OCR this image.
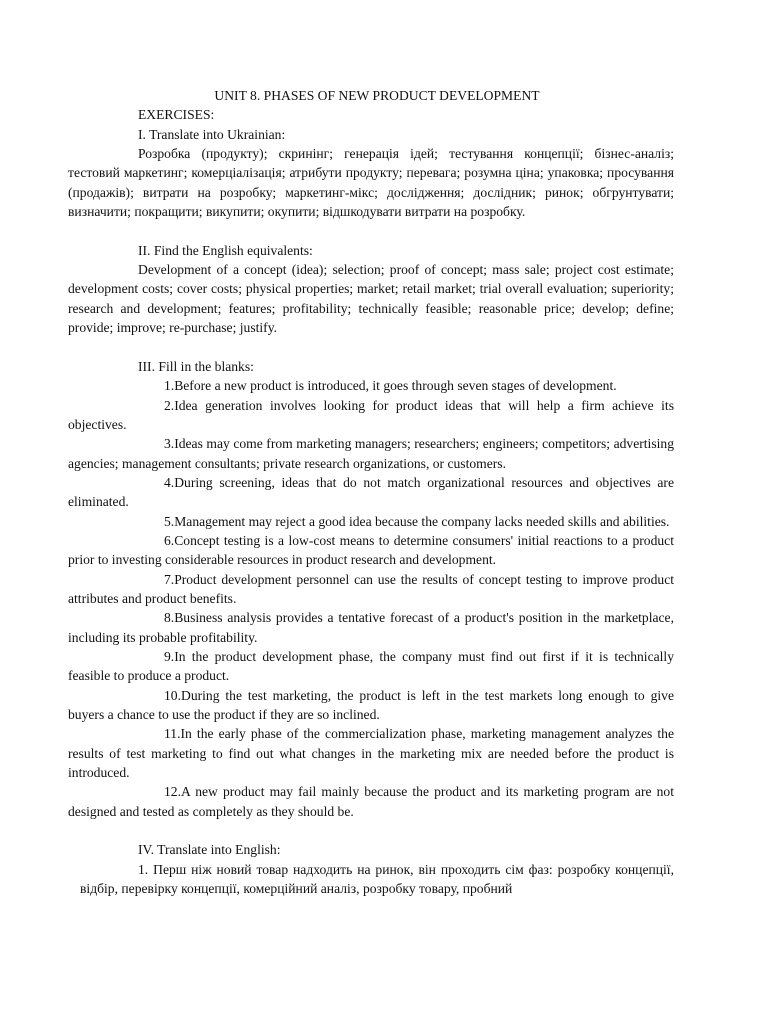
UNIT 8. PHASES OF NEW PRODUCT DEVELOPMENT

EXERCISES:
I. Translate into Ukrainian:

Розробка (продукту); скринінг; генерація ідей; тестування концепції; бізнес-аналіз; тестовий маркетинг; комерціалізація; атрибути продукту; перевага; розумна ціна; упаковка; просування (продажів); витрати на розробку; маркетинг-мікс; дослідження; дослідник; ринок; обгрунтувати; визначити; покращити; викупити; окупити; відшкодувати витрати на розробку.

II. Find the English equivalents:

Development of a concept (idea); selection; proof of concept; mass sale; project cost estimate; development costs; cover costs; physical properties; market; retail market; trial overall evaluation; superiority; research and development; features; profitability; technically feasible; reasonable price; develop; define; provide; improve; re-purchase; justify.

III. Fill in the blanks:

1.Before a new product is introduced, it goes through seven stages of development.

2.Idea generation involves looking for product ideas that will help a firm achieve its objectives.

3.Ideas may come from marketing managers; researchers; engineers; competitors; advertising agencies; management consultants; private research organizations, or customers.

4.During screening, ideas that do not match organizational resources and objectives are eliminated.

5.Management may reject a good idea because the company lacks needed skills and abilities.

6.Concept testing is a low-cost means to determine consumers' initial reactions to a product prior to investing considerable resources in product research and development.

7.Product development personnel can use the results of concept testing to improve product attributes and product benefits.

8.Business analysis provides a tentative forecast of a product's position in the marketplace, including its probable profitability.

9.In the product development phase, the company must find out first if it is technically feasible to produce a product.

10.During the test marketing, the product is left in the test markets long enough to give buyers a chance to use the product if they are so inclined.

11.In the early phase of the commercialization phase, marketing management analyzes the results of test marketing to find out what changes in the marketing mix are needed before the product is introduced.

12.A new product may fail mainly because the product and its marketing program are not designed and tested as completely as they should be.

IV. Translate into English:

1. Перш ніж новий товар надходить на ринок, він проходить сім фаз: розробку концепції, відбір, перевірку концепції, комерційний аналіз, розробку товару, пробний
